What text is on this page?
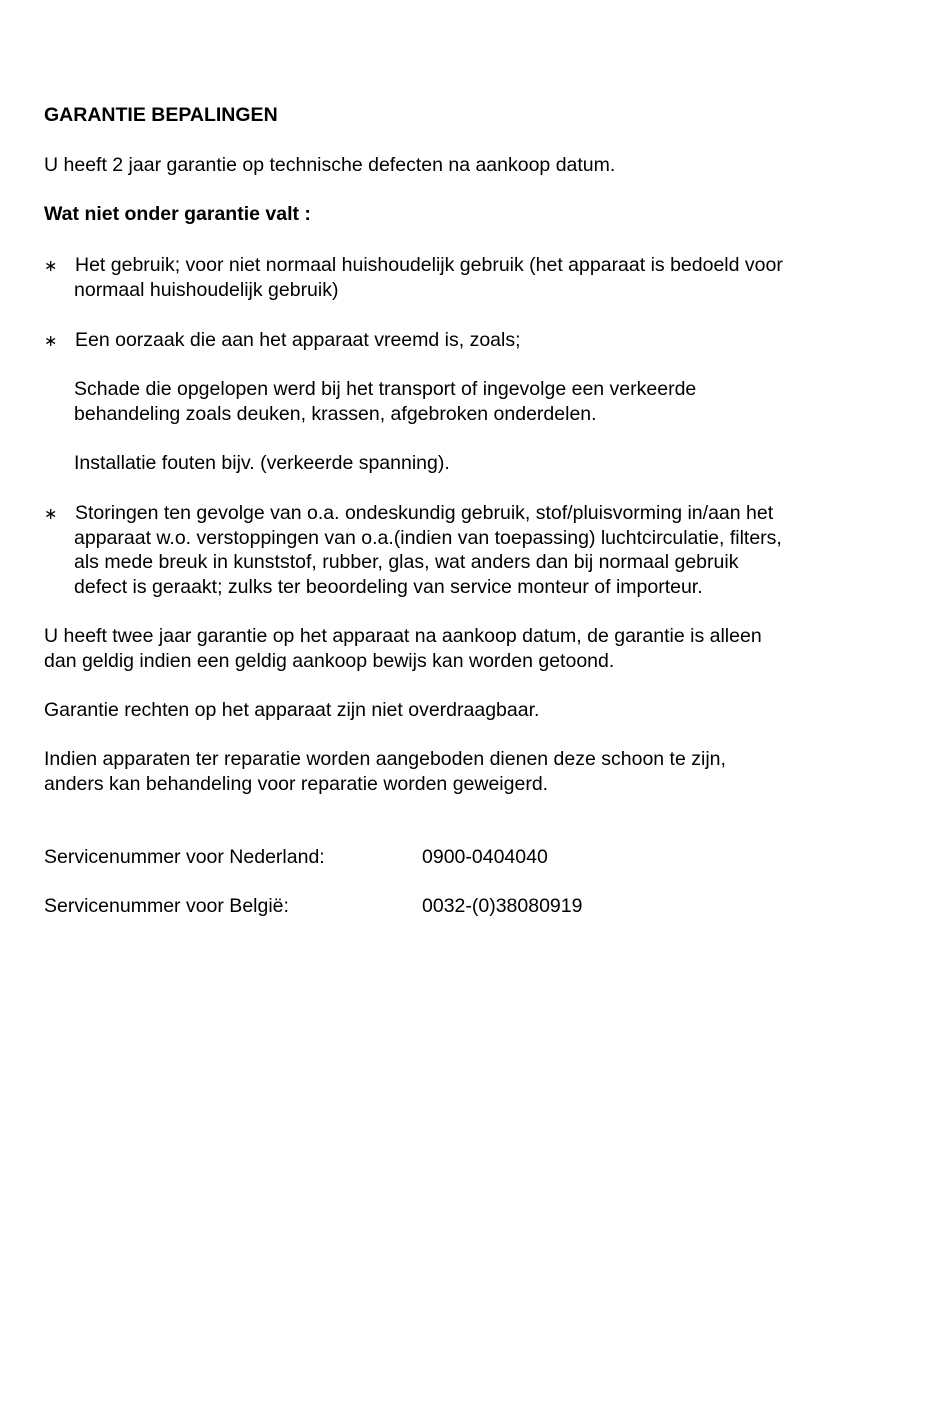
GARANTIE BEPALINGEN
U heeft 2 jaar garantie op technische defecten na aankoop datum.
Wat niet onder garantie valt :
∗ Het gebruik; voor niet normaal huishoudelijk gebruik (het apparaat is bedoeld voor
normaal huishoudelijk gebruik)
∗ Een oorzaak die aan het apparaat vreemd is, zoals;
Schade die opgelopen werd bij het transport of ingevolge een verkeerde
behandeling zoals deuken, krassen, afgebroken onderdelen.
Installatie fouten bijv. (verkeerde spanning).
∗ Storingen ten gevolge van o.a. ondeskundig gebruik, stof/pluisvorming in/aan het
apparaat w.o. verstoppingen van o.a.(indien van toepassing) luchtcirculatie, filters,
als mede breuk in kunststof, rubber, glas, wat anders dan bij normaal gebruik
defect is geraakt; zulks ter beoordeling van service monteur of importeur.
U heeft twee jaar garantie op het apparaat na aankoop datum, de garantie is alleen
dan geldig indien een geldig aankoop bewijs kan worden getoond.
Garantie rechten op het apparaat zijn niet overdraagbaar.
Indien apparaten ter reparatie worden aangeboden dienen deze schoon te zijn,
anders kan behandeling voor reparatie worden geweigerd.
Servicenummer voor Nederland:	0900-0404040
Servicenummer voor België:	0032-(0)38080919
